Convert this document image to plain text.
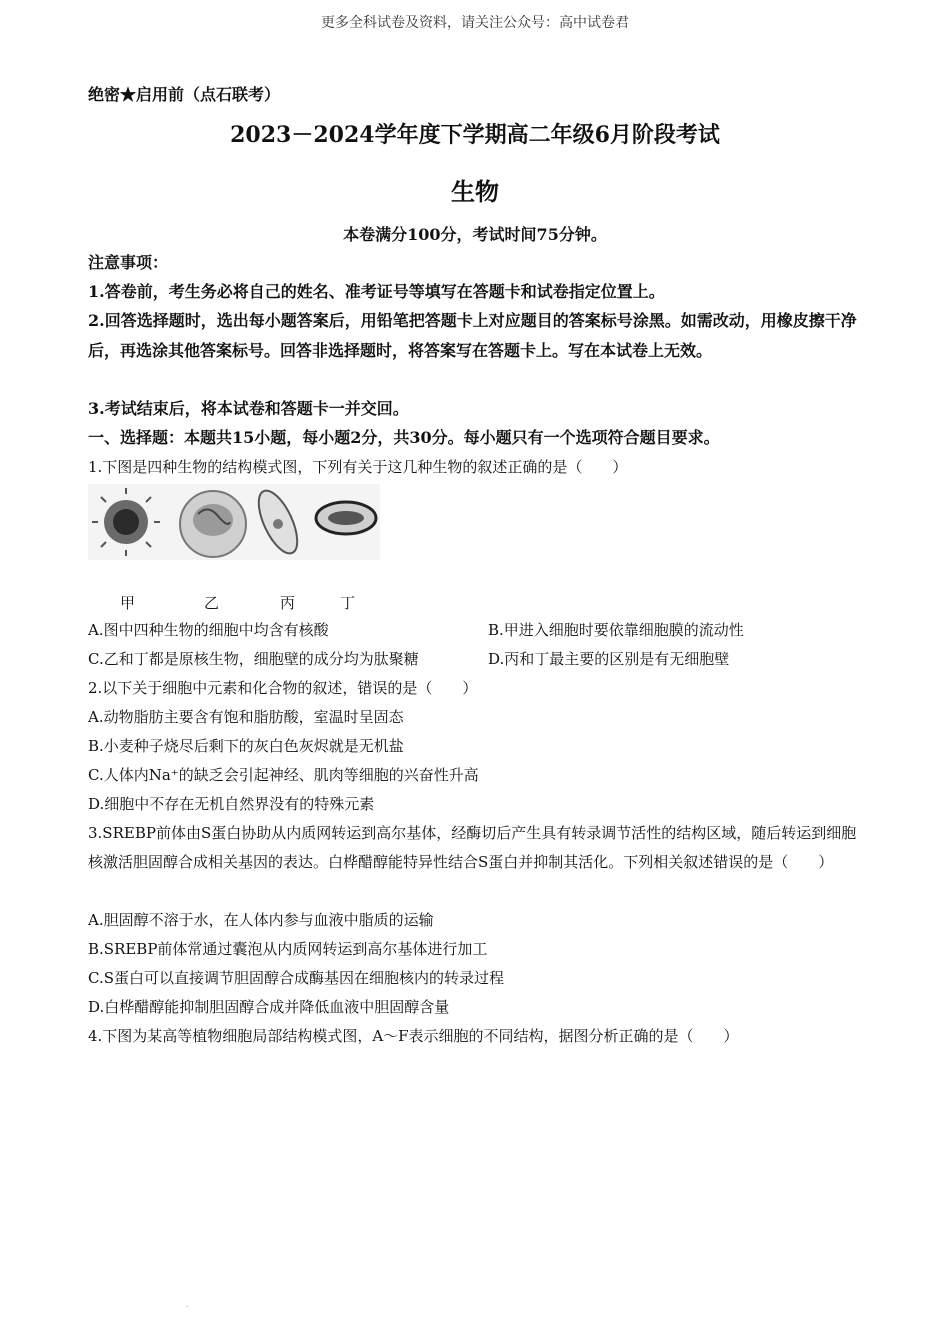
更多全科试卷及资料，请关注公众号：高中试卷君
绝密★启用前（点石联考）
2023－2024学年度下学期高二年级6月阶段考试
生物
本卷满分100分，考试时间75分钟。
注意事项：
1.答卷前，考生务必将自己的姓名、准考证号等填写在答题卡和试卷指定位置上。
2.回答选择题时，选出每小题答案后，用铅笔把答题卡上对应题目的答案标号涂黑。如需改动，用橡皮擦干净后，再选涂其他答案标号。回答非选择题时，将答案写在答题卡上。写在本试卷上无效。
3.考试结束后，将本试卷和答题卡一并交回。
一、选择题：本题共15小题，每小题2分，共30分。每小题只有一个选项符合题目要求。
1.下图是四种生物的结构模式图，下列有关于这几种生物的叙述正确的是（　　）
甲	乙	丙	丁
A.图中四种生物的细胞中均含有核酸	B.甲进入细胞时要依靠细胞膜的流动性
C.乙和丁都是原核生物，细胞壁的成分均为肽聚糖	D.丙和丁最主要的区别是有无细胞壁
2.以下关于细胞中元素和化合物的叙述，错误的是（　　）
A.动物脂肪主要含有饱和脂肪酸，室温时呈固态
B.小麦种子烧尽后剩下的灰白色灰烬就是无机盐
C.人体内Na⁺的缺乏会引起神经、肌肉等细胞的兴奋性升高
D.细胞中不存在无机自然界没有的特殊元素
3.SREBP前体由S蛋白协助从内质网转运到高尔基体，经酶切后产生具有转录调节活性的结构区域，随后转运到细胞核激活胆固醇合成相关基因的表达。白桦醋醇能特异性结合S蛋白并抑制其活化。下列相关叙述错误的是（　　）
A.胆固醇不溶于水，在人体内参与血液中脂质的运输
B.SREBP前体常通过囊泡从内质网转运到高尔基体进行加工
C.S蛋白可以直接调节胆固醇合成酶基因在细胞核内的转录过程
D.白桦醋醇能抑制胆固醇合成并降低血液中胆固醇含量
4.下图为某高等植物细胞局部结构模式图，A～F表示细胞的不同结构，据图分析正确的是（　　）
.
